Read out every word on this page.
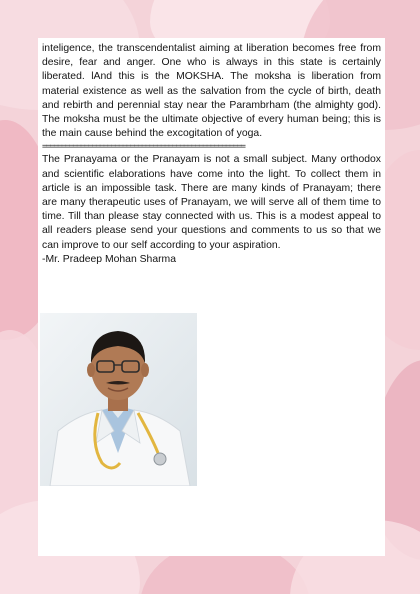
inteligence, the transcendentalist aiming at liberation becomes free from desire, fear and anger. One who is always in this state is certainly liberated. lAnd this is the MOKSHA. The moksha is liberation from material existence as well as the salvation from the cycle of birth, death and rebirth and perennial stay near the Parambrham (the almighty god). The moksha must be the ultimate objective of every human being; this is the main cause behind the excogitation of yoga.

=====================================================

The Pranayama or the Pranayam is not a small subject. Many orthodox and scientific elaborations have come into the light. To collect them in article is an impossible task. There are many kinds of Pranayam; there are many therapeutic uses of Pranayam, we will serve all of them time to time. Till than please stay connected with us. This is a modest appeal to all readers please send your questions and comments to us so that we can improve to our self according to your aspiration.

-Mr. Pradeep Mohan Sharma
